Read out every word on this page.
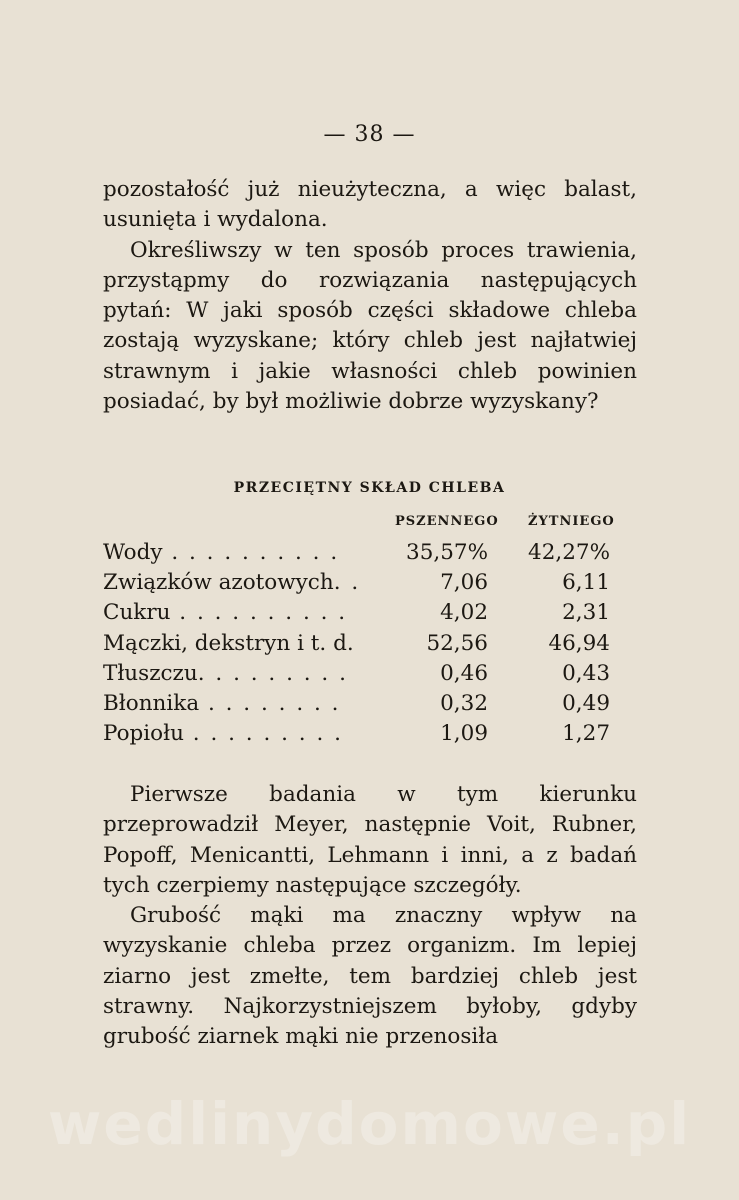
— 38 —

pozostałość już nieużyteczna, a więc balast, usunięta i wydalona.

Określiwszy w ten sposób proces trawienia, przystąpmy do rozwiązania następujących pytań: W jaki sposób części składowe chleba zostają wyzyskane; który chleb jest najłatwiej strawnym i jakie własności chleb powinien posiadać, by był możliwie dobrze wyzyskany?

PRZECIĘTNY SKŁAD CHLEBA
PSZENNEGO ŻYTNIEGO
Wody . . . . . . . . . .	35,57%	42,27%
Związków azotowych. .	7,06	6,11
Cukru . . . . . . . . . .	4,02	2,31
Mączki, dekstryn i t. d.	52,56	46,94
Tłuszczu. . . . . . . . .	0,46	0,43
Błonnika . . . . . . . .	0,32	0,49
Popiołu . . . . . . . . .	1,09	1,27

Pierwsze badania w tym kierunku przeprowadził Meyer, następnie Voit, Rubner, Popoff, Menicantti, Lehmann i inni, a z badań tych czerpiemy następujące szczegóły.

Grubość mąki ma znaczny wpływ na wyzyskanie chleba przez organizm. Im lepiej ziarno jest zmełte, tem bardziej chleb jest strawny. Najkorzystniejszem byłoby, gdyby grubość ziarnek mąki nie przenosiła

wedlinydomowe.pl
